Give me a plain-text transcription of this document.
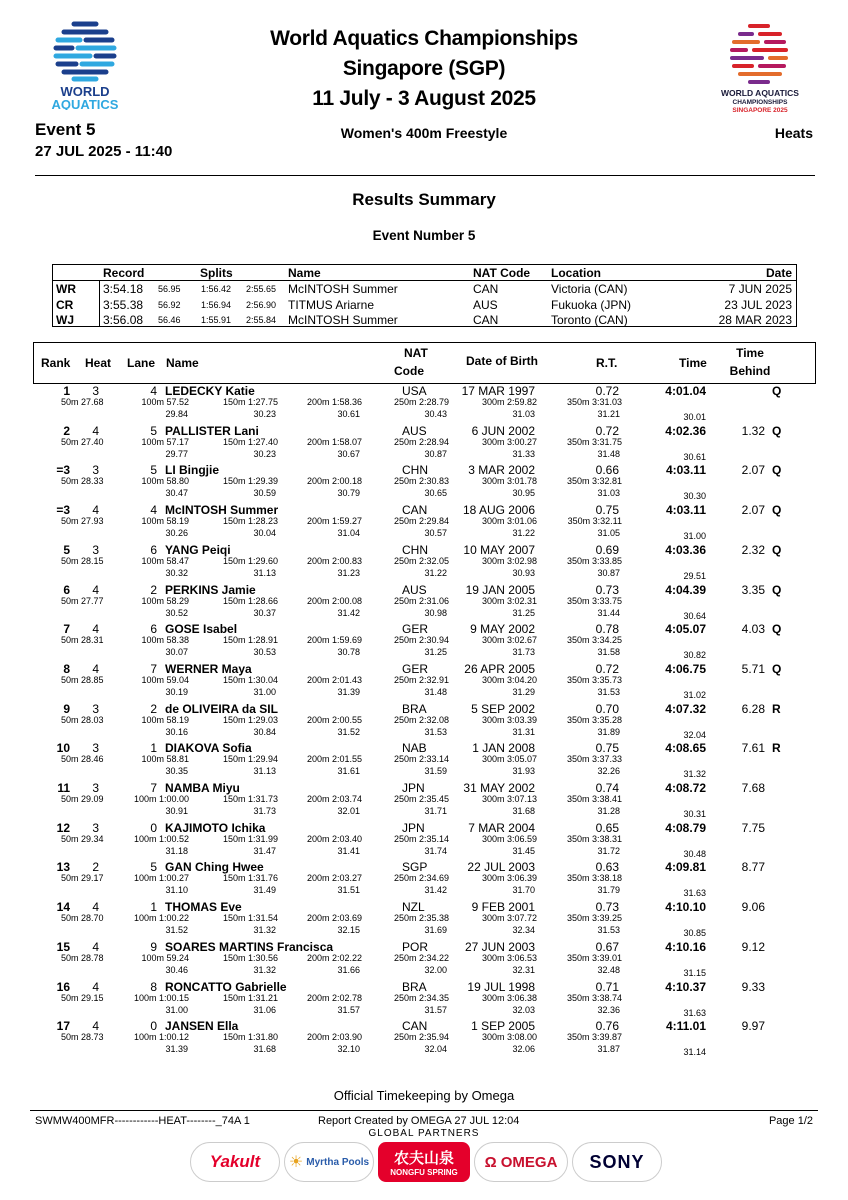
WORLD
AQUATICS
World Aquatics Championships
Singapore (SGP)
11 July - 3 August 2025	WORLD AQUATICS
CHAMPIONSHIPS
SINGAPORE 2025
Event 5
27 JUL 2025 - 11:40
Women's 400m Freestyle	Heats
Results Summary
Event Number 5
Record	Splits	Name	NAT Code Location	Date
WR 3:54.18 56.95 1:56.42 2:55.65 McINTOSH Summer	CAN	Victoria (CAN)	7 JUN 2025
CR 3:55.38 56.92 1:56.94 2:56.90 TITMUS Ariarne	AUS	Fukuoka (JPN)	23 JUL 2023
WJ 3:56.08 56.46 1:55.91 2:55.84 McINTOSH Summer	CAN	Toronto (CAN)	28 MAR 2023
Rank Heat Lane Name
NAT
Code
Date of Birth	R.T.	Time
Time
Behind
1 3	4 LEDECKY Katie	USA	17 MAR 1997	0.72	4:01.04	Q
50m 27.68	100m 57.52	150m 1:27.75	200m 1:58.36	250m 2:28.79	300m 2:59.82	350m 3:31.03
29.84	30.23	30.61	30.43	31.03	31.21	30.01
2 4	5 PALLISTER Lani	AUS	6 JUN 2002	0.72	4:02.36	1.32 Q
50m 27.40	100m 57.17	150m 1:27.40	200m 1:58.07	250m 2:28.94	300m 3:00.27	350m 3:31.75
29.77	30.23	30.67	30.87	31.33	31.48	30.61
=3 3	5 LI Bingjie	CHN	3 MAR 2002	0.66	4:03.11	2.07 Q
50m 28.33	100m 58.80	150m 1:29.39	200m 2:00.18	250m 2:30.83	300m 3:01.78	350m 3:32.81
30.47	30.59	30.79	30.65	30.95	31.03	30.30
=3 4	4 McINTOSH Summer	CAN	18 AUG 2006	0.75	4:03.11	2.07 Q
50m 27.93	100m 58.19	150m 1:28.23	200m 1:59.27	250m 2:29.84	300m 3:01.06	350m 3:32.11
30.26	30.04	31.04	30.57	31.22	31.05	31.00
5 3	6 YANG Peiqi	CHN	10 MAY 2007	0.69	4:03.36	2.32 Q
50m 28.15	100m 58.47	150m 1:29.60	200m 2:00.83	250m 2:32.05	300m 3:02.98	350m 3:33.85
30.32	31.13	31.23	31.22	30.93	30.87	29.51
6 4	2 PERKINS Jamie	AUS	19 JAN 2005	0.73	4:04.39	3.35 Q
50m 27.77	100m 58.29	150m 1:28.66	200m 2:00.08	250m 2:31.06	300m 3:02.31	350m 3:33.75
30.52	30.37	31.42	30.98	31.25	31.44	30.64
7 4	6 GOSE Isabel	GER	9 MAY 2002	0.78	4:05.07	4.03 Q
50m 28.31	100m 58.38	150m 1:28.91	200m 1:59.69	250m 2:30.94	300m 3:02.67	350m 3:34.25
30.07	30.53	30.78	31.25	31.73	31.58	30.82
8 4	7 WERNER Maya	GER	26 APR 2005	0.72	4:06.75	5.71 Q
50m 28.85	100m 59.04	150m 1:30.04	200m 2:01.43	250m 2:32.91	300m 3:04.20	350m 3:35.73
30.19	31.00	31.39	31.48	31.29	31.53	31.02
9 3	2 de OLIVEIRA da SIL	BRA	5 SEP 2002	0.70	4:07.32	6.28 R
50m 28.03	100m 58.19	150m 1:29.03	200m 2:00.55	250m 2:32.08	300m 3:03.39	350m 3:35.28
30.16	30.84	31.52	31.53	31.31	31.89	32.04
10 3	1 DIAKOVA Sofia	NAB	1 JAN 2008	0.75	4:08.65	7.61 R
50m 28.46	100m 58.81	150m 1:29.94	200m 2:01.55	250m 2:33.14	300m 3:05.07	350m 3:37.33
30.35	31.13	31.61	31.59	31.93	32.26	31.32
11 3	7 NAMBA Miyu	JPN	31 MAY 2002	0.74	4:08.72	7.68
50m 29.09	100m 1:00.00	150m 1:31.73	200m 2:03.74	250m 2:35.45	300m 3:07.13	350m 3:38.41
30.91	31.73	32.01	31.71	31.68	31.28	30.31
12 3	0 KAJIMOTO Ichika	JPN	7 MAR 2004	0.65	4:08.79	7.75
50m 29.34	100m 1:00.52	150m 1:31.99	200m 2:03.40	250m 2:35.14	300m 3:06.59	350m 3:38.31
31.18	31.47	31.41	31.74	31.45	31.72	30.48
13 2	5 GAN Ching Hwee	SGP	22 JUL 2003	0.63	4:09.81	8.77
50m 29.17	100m 1:00.27	150m 1:31.76	200m 2:03.27	250m 2:34.69	300m 3:06.39	350m 3:38.18
31.10	31.49	31.51	31.42	31.70	31.79	31.63
14 4	1 THOMAS Eve	NZL	9 FEB 2001	0.73	4:10.10	9.06
50m 28.70	100m 1:00.22	150m 1:31.54	200m 2:03.69	250m 2:35.38	300m 3:07.72	350m 3:39.25
31.52	31.32	32.15	31.69	32.34	31.53	30.85
15 4	9 SOARES MARTINS Francisca	POR	27 JUN 2003	0.67	4:10.16	9.12
50m 28.78	100m 59.24	150m 1:30.56	200m 2:02.22	250m 2:34.22	300m 3:06.53	350m 3:39.01
30.46	31.32	31.66	32.00	32.31	32.48	31.15
16 4	8 RONCATTO Gabrielle	BRA	19 JUL 1998	0.71	4:10.37	9.33
50m 29.15	100m 1:00.15	150m 1:31.21	200m 2:02.78	250m 2:34.35	300m 3:06.38	350m 3:38.74
31.00	31.06	31.57	31.57	32.03	32.36	31.63
17 4	0 JANSEN Ella	CAN	1 SEP 2005	0.76	4:11.01	9.97
50m 28.73	100m 1:00.12	150m 1:31.80	200m 2:03.90	250m 2:35.94	300m 3:08.00	350m 3:39.87
31.39	31.68	32.10	32.04	32.06	31.87	31.14
Official Timekeeping by Omega
SWMW400MFR------------HEAT--------_74A 1	Report Created by OMEGA 27 JUL 12:04	Page 1/2
GLOBAL PARTNERS
Yakult	☀ Myrtha Pools 农夫山泉
NONGFU SPRING
Ω OMEGA	SONY
